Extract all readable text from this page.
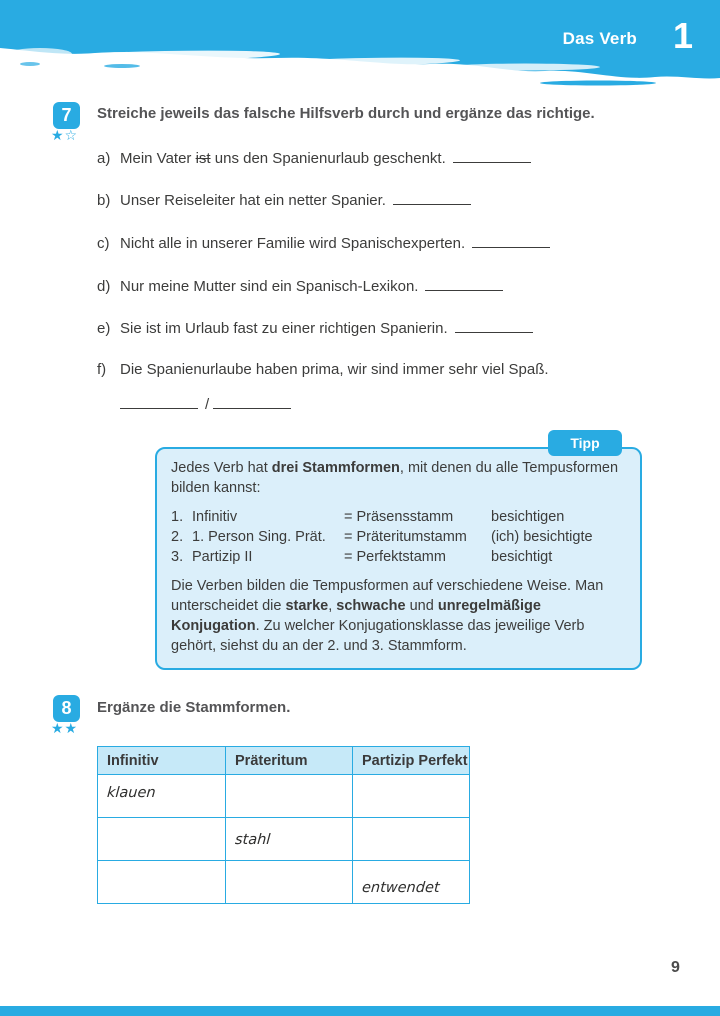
Das Verb 1
7
★☆
Streiche jeweils das falsche Hilfsverb durch und ergänze das richtige.
a) Mein Vater ist uns den Spanienurlaub geschenkt.
b) Unser Reiseleiter hat ein netter Spanier.
c) Nicht alle in unserer Familie wird Spanischexperten.
d) Nur meine Mutter sind ein Spanisch-Lexikon.
e) Sie ist im Urlaub fast zu einer richtigen Spanierin.
f) Die Spanienurlaube haben prima, wir sind immer sehr viel Spaß.
/
Tipp

Jedes Verb hat drei Stammformen, mit denen du alle Tempusformen bilden kannst:

1. Infinitiv	= Präsensstamm	besichtigen
2. 1. Person Sing. Prät.	= Präteritumstamm	(ich) besichtigte
3. Partizip II	= Perfektstamm	besichtigt

Die Verben bilden die Tempusformen auf verschiedene Weise. Man unterscheidet die starke, schwache und unregelmäßige Konjugation. Zu welcher Konjugationsklasse das jeweilige Verb gehört, siehst du an der 2. und 3. Stammform.

8
★★
Ergänze die Stammformen.
Infinitiv	Präteritum	Partizip Perfekt
klauen		
	stahl	
		entwendet
9
